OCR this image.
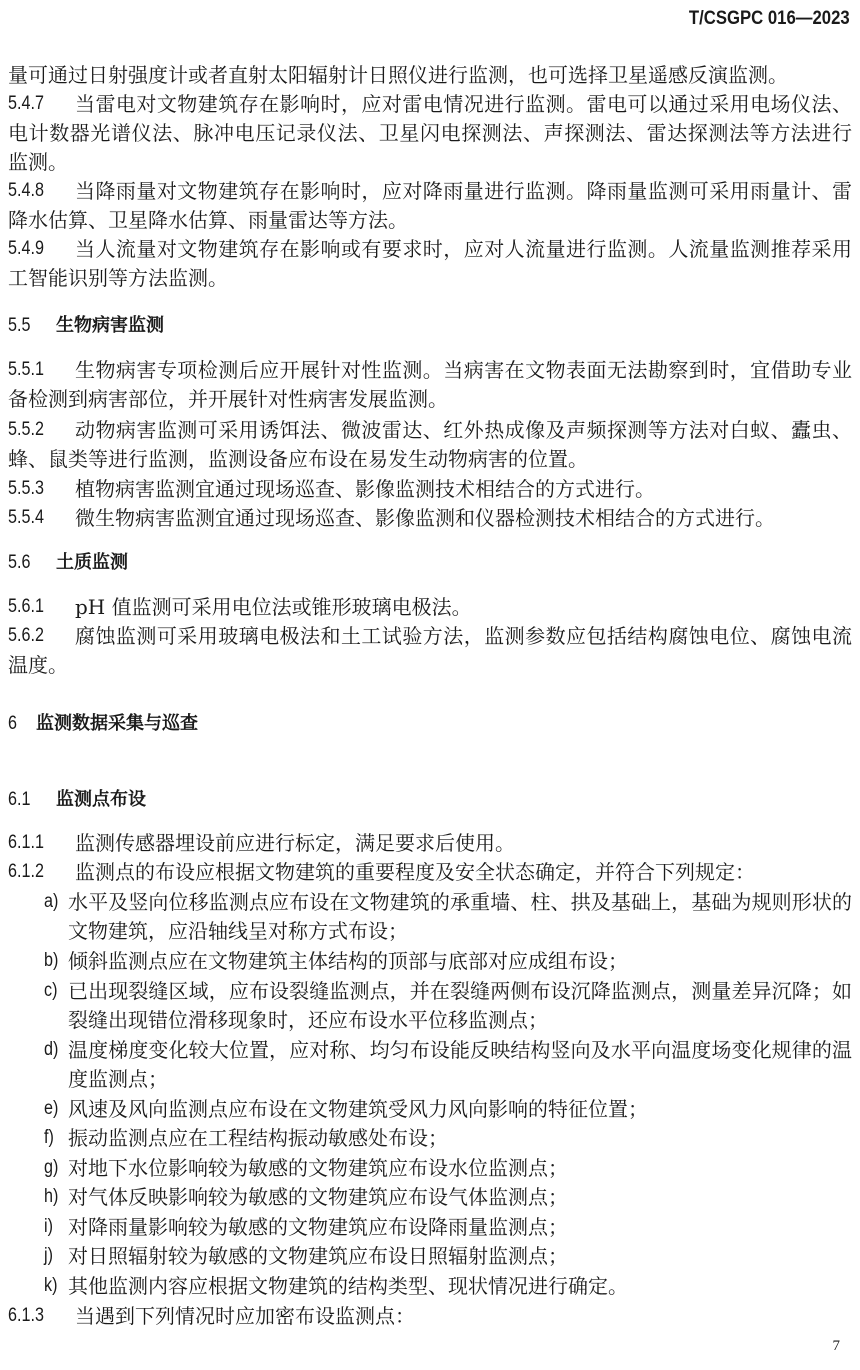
T/CSGPC 016—2023
量可通过日射强度计或者直射太阳辐射计日照仪进行监测，也可选择卫星遥感反演监测。
5.4.7 当雷电对文物建筑存在影响时，应对雷电情况进行监测。雷电可以通过采用电场仪法、
电计数器光谱仪法、脉冲电压记录仪法、卫星闪电探测法、声探测法、雷达探测法等方法进行
监测。
5.4.8 当降雨量对文物建筑存在影响时，应对降雨量进行监测。降雨量监测可采用雨量计、雷
降水估算、卫星降水估算、雨量雷达等方法。
5.4.9 当人流量对文物建筑存在影响或有要求时，应对人流量进行监测。人流量监测推荐采用
工智能识别等方法监测。
5.5 生物病害监测
5.5.1 生物病害专项检测后应开展针对性监测。当病害在文物表面无法勘察到时，宜借助专业
备检测到病害部位，并开展针对性病害发展监测。
5.5.2 动物病害监测可采用诱饵法、微波雷达、红外热成像及声频探测等方法对白蚁、蠹虫、
蜂、鼠类等进行监测，监测设备应布设在易发生动物病害的位置。
5.5.3 植物病害监测宜通过现场巡查、影像监测技术相结合的方式进行。
5.5.4 微生物病害监测宜通过现场巡查、影像监测和仪器检测技术相结合的方式进行。
5.6 土质监测
5.6.1 pH 值监测可采用电位法或锥形玻璃电极法。
5.6.2 腐蚀监测可采用玻璃电极法和土工试验方法，监测参数应包括结构腐蚀电位、腐蚀电流
温度。
6 监测数据采集与巡查
6.1 监测点布设
6.1.1 监测传感器埋设前应进行标定，满足要求后使用。
6.1.2 监测点的布设应根据文物建筑的重要程度及安全状态确定，并符合下列规定：
a) 水平及竖向位移监测点应布设在文物建筑的承重墙、柱、拱及基础上，基础为规则形状的
文物建筑，应沿轴线呈对称方式布设；
b) 倾斜监测点应在文物建筑主体结构的顶部与底部对应成组布设；
c) 已出现裂缝区域，应布设裂缝监测点，并在裂缝两侧布设沉降监测点，测量差异沉降；如
裂缝出现错位滑移现象时，还应布设水平位移监测点；
d) 温度梯度变化较大位置，应对称、均匀布设能反映结构竖向及水平向温度场变化规律的温
度监测点；
e) 风速及风向监测点应布设在文物建筑受风力风向影响的特征位置；
f) 振动监测点应在工程结构振动敏感处布设；
g) 对地下水位影响较为敏感的文物建筑应布设水位监测点；
h) 对气体反映影响较为敏感的文物建筑应布设气体监测点；
i) 对降雨量影响较为敏感的文物建筑应布设降雨量监测点；
j) 对日照辐射较为敏感的文物建筑应布设日照辐射监测点；
k) 其他监测内容应根据文物建筑的结构类型、现状情况进行确定。
6.1.3 当遇到下列情况时应加密布设监测点：
7
